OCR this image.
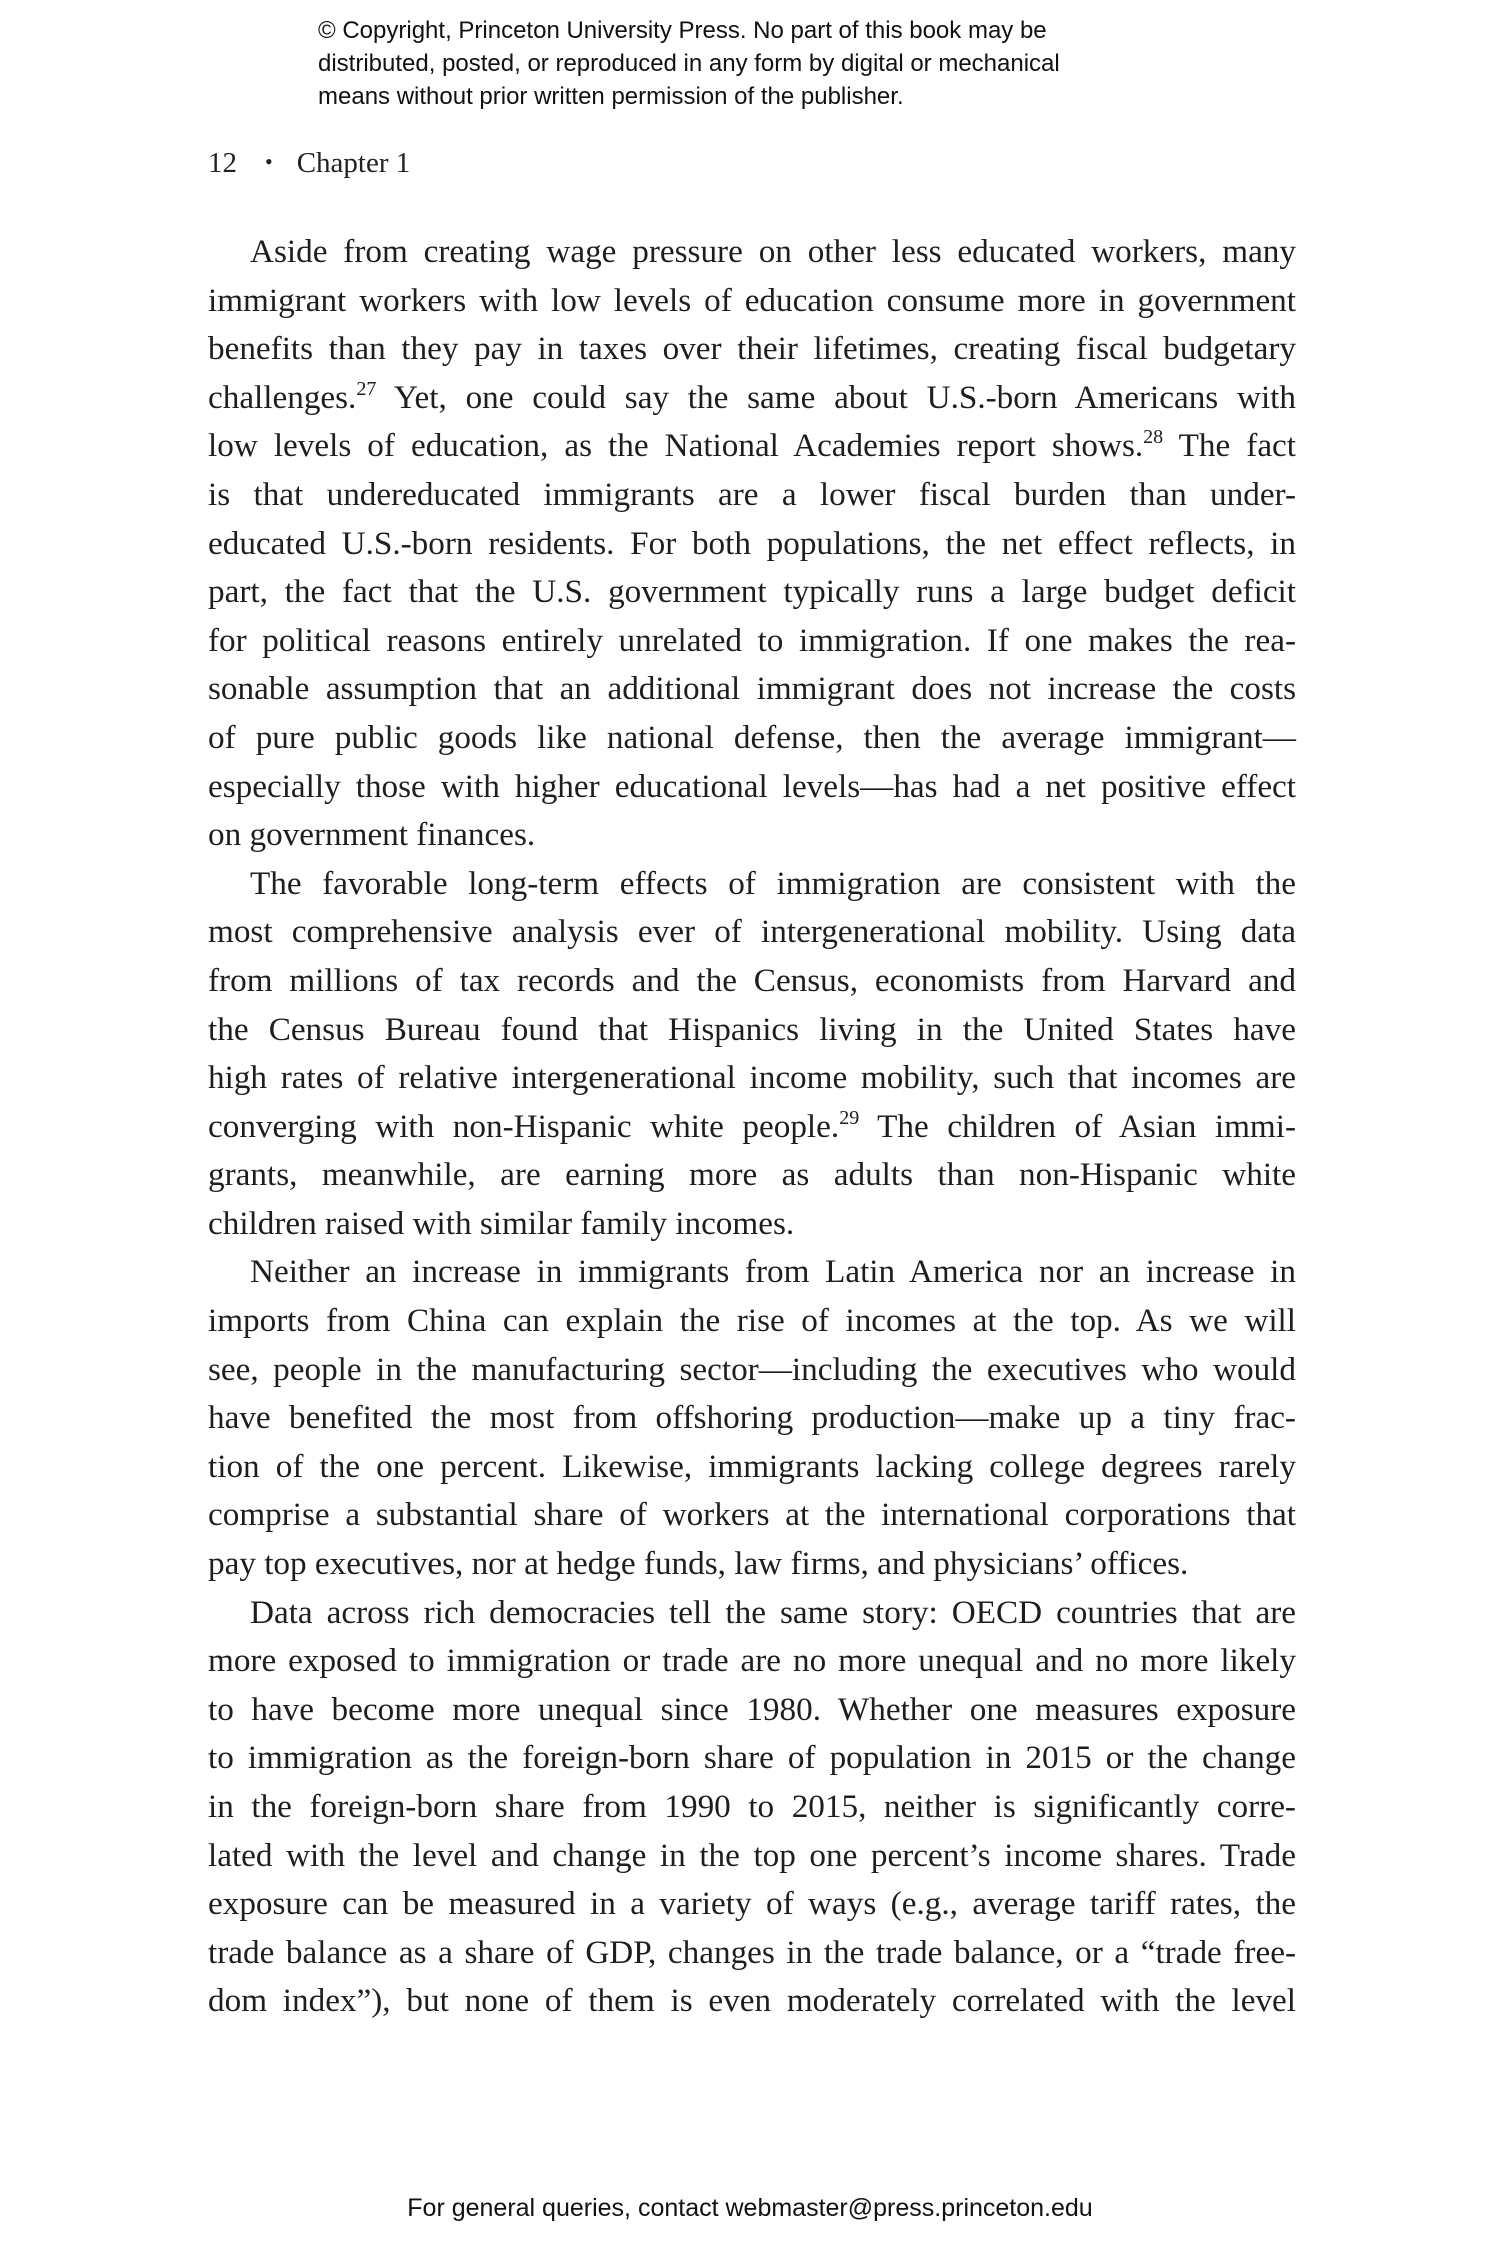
© Copyright, Princeton University Press. No part of this book may be
distributed, posted, or reproduced in any form by digital or mechanical
means without prior written permission of the publisher.
12 • Chapter 1

Aside from creating wage pressure on other less educated workers, many
immigrant workers with low levels of education consume more in government
benefits than they pay in taxes over their lifetimes, creating fiscal budgetary
challenges.$^{27}$ Yet, one could say the same about U.S.-born Americans with
low levels of education, as the National Academies report shows.$^{28}$ The fact
is that undereducated immigrants are a lower fiscal burden than under-
educated U.S.-born residents. For both populations, the net effect reflects, in
part, the fact that the U.S. government typically runs a large budget deficit
for political reasons entirely unrelated to immigration. If one makes the rea-
sonable assumption that an additional immigrant does not increase the costs
of pure public goods like national defense, then the average immigrant—
especially those with higher educational levels—has had a net positive effect
on government finances.

The favorable long-term effects of immigration are consistent with the
most comprehensive analysis ever of intergenerational mobility. Using data
from millions of tax records and the Census, economists from Harvard and
the Census Bureau found that Hispanics living in the United States have
high rates of relative intergenerational income mobility, such that incomes are
converging with non-Hispanic white people.$^{29}$ The children of Asian immi-
grants, meanwhile, are earning more as adults than non-Hispanic white
children raised with similar family incomes.

Neither an increase in immigrants from Latin America nor an increase in
imports from China can explain the rise of incomes at the top. As we will
see, people in the manufacturing sector—including the executives who would
have benefited the most from offshoring production—make up a tiny frac-
tion of the one percent. Likewise, immigrants lacking college degrees rarely
comprise a substantial share of workers at the international corporations that
pay top executives, nor at hedge funds, law firms, and physicians’ offices.

Data across rich democracies tell the same story: OECD countries that are
more exposed to immigration or trade are no more unequal and no more likely
to have become more unequal since 1980. Whether one measures exposure
to immigration as the foreign-born share of population in 2015 or the change
in the foreign-born share from 1990 to 2015, neither is significantly corre-
lated with the level and change in the top one percent’s income shares. Trade
exposure can be measured in a variety of ways (e.g., average tariff rates, the
trade balance as a share of GDP, changes in the trade balance, or a “trade free-
dom index”), but none of them is even moderately correlated with the level

For general queries, contact webmaster@press.princeton.edu
